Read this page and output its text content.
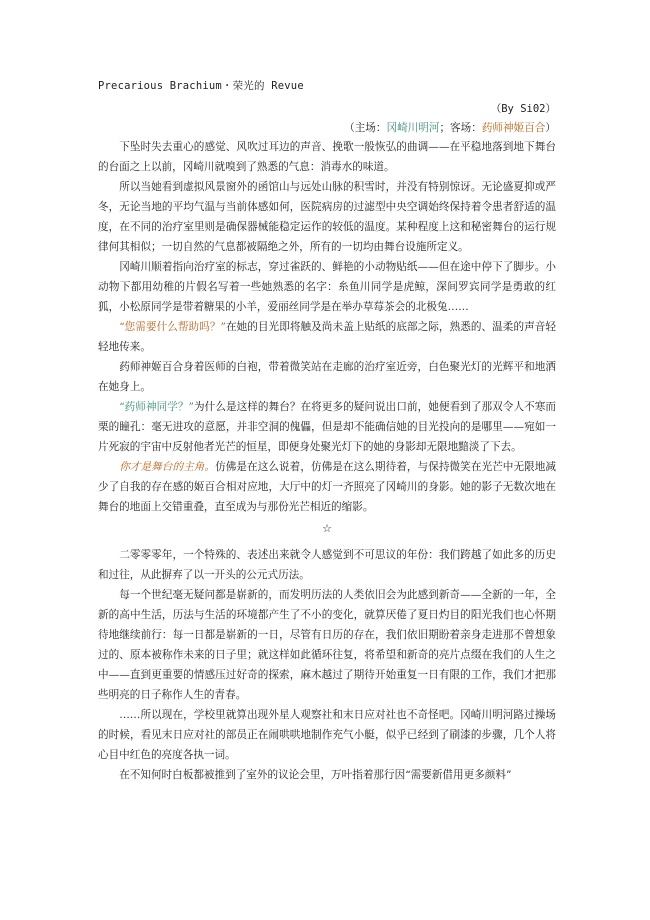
Precarious Brachium・荣光的 Revue
（By Si02）
（主场：冈崎川明河；客场：药师神姬百合）

下坠时失去重心的感觉、风吹过耳边的声音、挽歌一般恢弘的曲调——在平稳地落到地下舞台的台面之上以前，冈崎川就嗅到了熟悉的气息：消毒水的味道。

所以当她看到虚拟风景窗外的函馆山与远处山脉的积雪时，并没有特别惊讶。无论盛夏抑或严冬，无论当地的平均气温与当前体感如何，医院病房的过滤型中央空调始终保持着令患者舒适的温度，在不同的治疗室里则是确保器械能稳定运作的较低的温度。某种程度上这和秘密舞台的运行规律何其相似；一切自然的气息都被隔绝之外，所有的一切均由舞台设施所定义。

冈崎川顺着指向治疗室的标志，穿过雀跃的、鲜艳的小动物贴纸——但在途中停下了脚步。小动物下都用幼稚的片假名写着一些她熟悉的名字：糸鱼川同学是虎鲸，深间罗宾同学是勇敢的红狐，小松原同学是带着糖果的小羊，爱丽丝同学是在举办草莓茶会的北极兔……

“您需要什么帮助吗？”在她的目光即将触及尚未盖上贴纸的底部之际，熟悉的、温柔的声音轻轻地传来。

药师神姬百合身着医师的白袍，带着微笑站在走廊的治疗室近旁，白色聚光灯的光辉平和地洒在她身上。

“药师神同学？”为什么是这样的舞台？在将更多的疑问说出口前，她便看到了那双令人不寒而栗的瞳孔：毫无进攻的意愿，并非空洞的傀儡，但是却不能确信她的目光投向的是哪里——宛如一片死寂的宇宙中反射他者光芒的恒星，即便身处聚光灯下的她的身影却无限地黯淡了下去。

你才是舞台的主角。仿佛是在这么说着，仿佛是在这么期待着，与保持微笑在光芒中无限地减少了自我的存在感的姬百合相对应地，大厅中的灯一齐照亮了冈崎川的身影。她的影子无数次地在舞台的地面上交错重叠，直至成为与那份光芒相近的缩影。

☆

二零零零年，一个特殊的、表述出来就令人感觉到不可思议的年份：我们跨越了如此多的历史和过往，从此摒弃了以一开头的公元式历法。

每一个世纪毫无疑问都是崭新的，而发明历法的人类依旧会为此感到新奇——全新的一年，全新的高中生活，历法与生活的环境都产生了不小的变化，就算厌倦了夏日灼目的阳光我们也心怀期待地继续前行：每一日都是崭新的一日，尽管有日历的存在，我们依旧期盼着亲身走进那不曾想象过的、原本被称作未来的日子里；就这样如此循环往复，将希望和新奇的亮片点缀在我们的人生之中——直到更重要的情感压过好奇的探索，麻木越过了期待开始重复一日有限的工作，我们才把那些明亮的日子称作人生的青春。

……所以现在，学校里就算出现外星人观察社和末日应对社也不奇怪吧。冈崎川明河路过操场的时候，看见末日应对社的部员正在闹哄哄地制作充气小艇，似乎已经到了刷漆的步骤，几个人将心目中红色的亮度各执一词。

在不知何时白板都被推到了室外的议论会里，万叶指着那行因“需要新借用更多颜料”
